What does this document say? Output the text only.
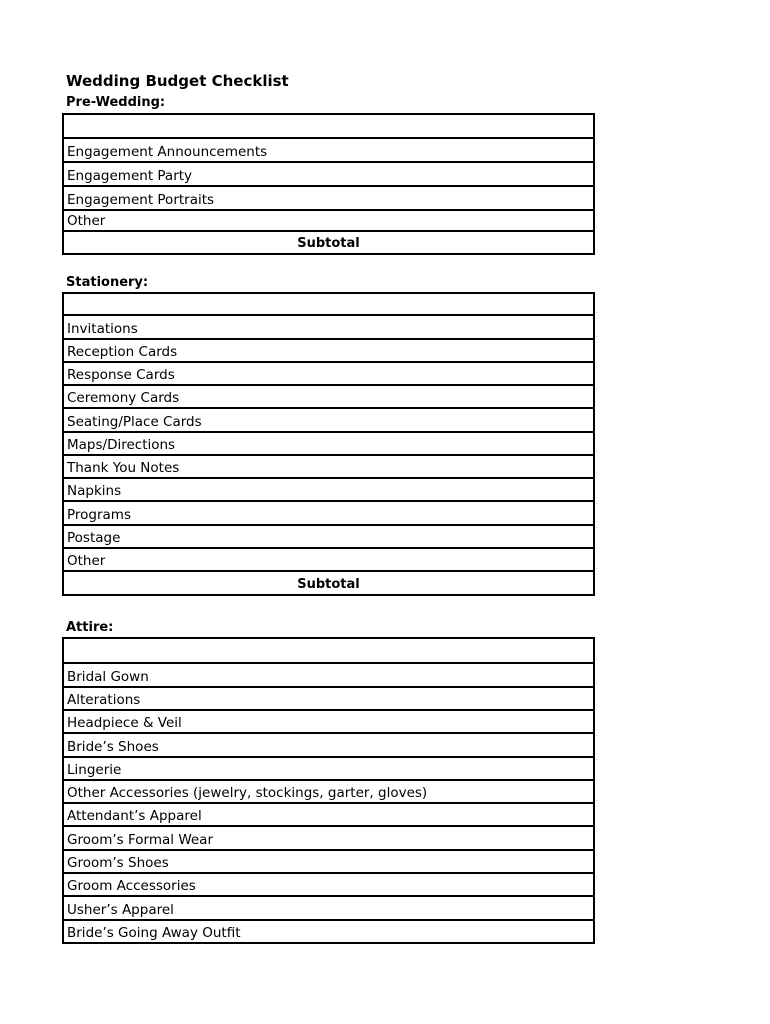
Wedding Budget Checklist
Pre-Wedding:
Engagement Announcements
Engagement Party
Engagement Portraits
Other
Subtotal
Stationery:
Invitations
Reception Cards
Response Cards
Ceremony Cards
Seating/Place Cards
Maps/Directions
Thank You Notes
Napkins
Programs
Postage
Other
Subtotal
Attire:
Bridal Gown
Alterations
Headpiece & Veil
Bride’s Shoes
Lingerie
Other Accessories (jewelry, stockings, garter, gloves)
Attendant’s Apparel
Groom’s Formal Wear
Groom’s Shoes
Groom Accessories
Usher’s Apparel
Bride’s Going Away Outfit
